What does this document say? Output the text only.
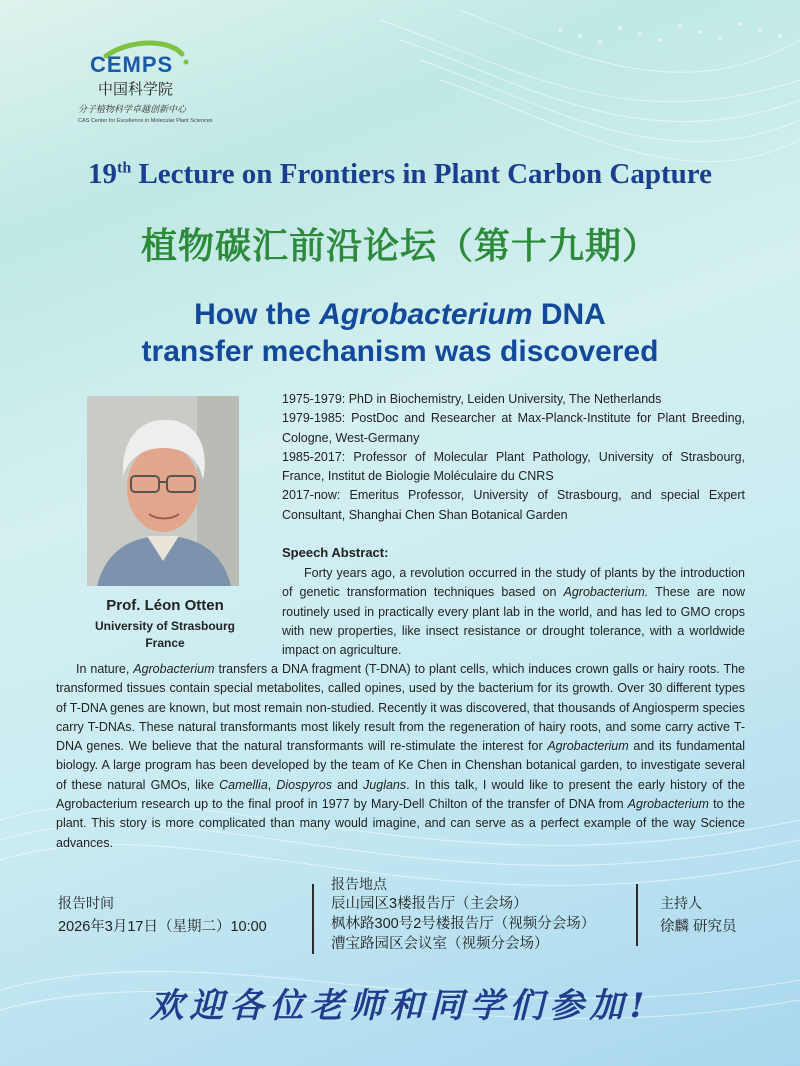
CEMPS
中国科学院
分子植物科学卓越创新中心
CAS Center for Excellence in Molecular Plant Sciences
19th Lecture on Frontiers in Plant Carbon Capture
植物碳汇前沿论坛（第十九期）
How the Agrobacterium DNA
transfer mechanism was discovered
Prof. Léon Otten
University of Strasbourg
France

1975-1979: PhD in Biochemistry, Leiden University, The Netherlands

1979-1985: PostDoc and Researcher at Max-Planck-Institute for Plant Breeding, Cologne, West-Germany

1985-2017: Professor of Molecular Plant Pathology, University of Strasbourg, France, Institut de Biologie Moléculaire du CNRS

2017-now: Emeritus Professor, University of Strasbourg, and special Expert Consultant, Shanghai Chen Shan Botanical Garden

Speech Abstract:
Forty years ago, a revolution occurred in the study of plants by the introduction of genetic transformation techniques based on Agrobacterium. These are now routinely used in practically every plant lab in the world, and has led to GMO crops with new properties, like insect resistance or drought tolerance, with a worldwide impact on agriculture.
In nature, Agrobacterium transfers a DNA fragment (T-DNA) to plant cells, which induces crown galls or hairy roots. The transformed tissues contain special metabolites, called opines, used by the bacterium for its growth. Over 30 different types of T-DNA genes are known, but most remain non-studied. Recently it was discovered, that thousands of Angiosperm species carry T-DNAs. These natural transformants most likely result from the regeneration of hairy roots, and some carry active T-DNA genes. We believe that the natural transformants will re-stimulate the interest for Agrobacterium and its fundamental biology. A large program has been developed by the team of Ke Chen in Chenshan botanical garden, to investigate several of these natural GMOs, like Camellia, Diospyros and Juglans. In this talk, I would like to present the early history of the Agrobacterium research up to the final proof in 1977 by Mary-Dell Chilton of the transfer of DNA from Agrobacterium to the plant. This story is more complicated than many would imagine, and can serve as a perfect example of the way Science advances.
报告时间
2026年3月17日（星期二）10:00
报告地点
辰山园区3楼报告厅（主会场）
枫林路300号2号楼报告厅（视频分会场）
漕宝路园区会议室（视频分会场）
主持人
徐麟 研究员
欢迎各位老师和同学们参加!
